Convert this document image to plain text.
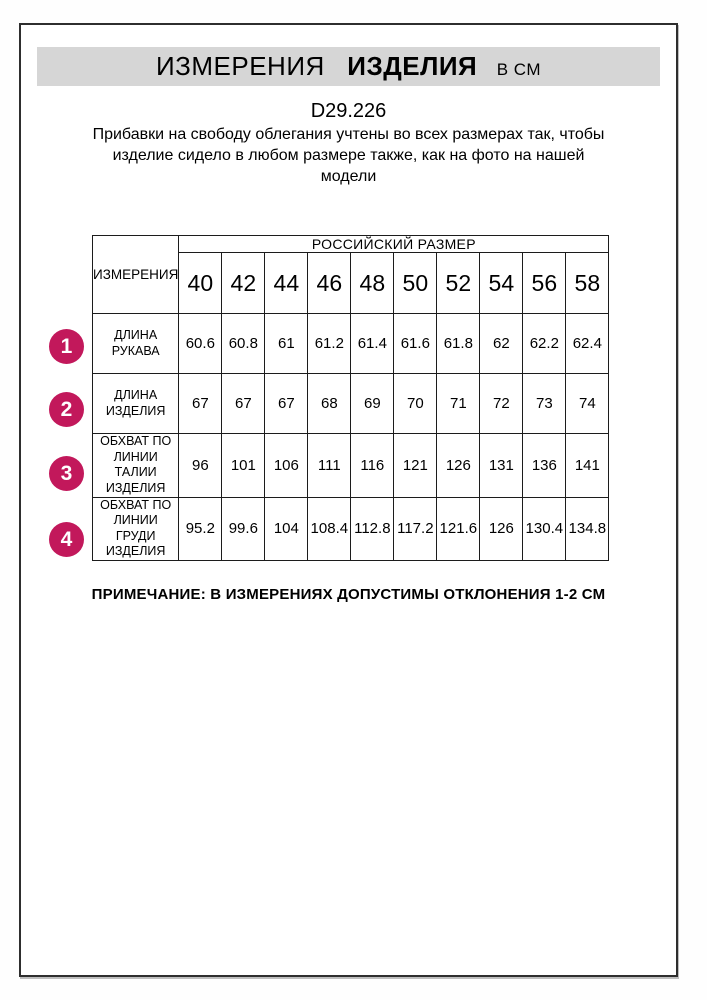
ИЗМЕРЕНИЯ ИЗДЕЛИЯ В СМ
D29.226
Прибавки на свободу облегания учтены во всех размерах так, чтобы
изделие сидело в любом размере также, как на фото на нашей
модели
1
2
3
4
ИЗМЕРЕНИЯ	РОССИЙСКИЙ РАЗМЕР									
	40	42	44	46	48	50	52	54	56	58
ДЛИНА РУКАВА	60.6	60.8	61	61.2	61.4	61.6	61.8	62	62.2	62.4
ДЛИНА ИЗДЕЛИЯ	67	67	67	68	69	70	71	72	73	74
ОБХВАТ ПО ЛИНИИ ТАЛИИ ИЗДЕЛИЯ	96	101	106	111	116	121	126	131	136	141
ОБХВАТ ПО ЛИНИИ ГРУДИ ИЗДЕЛИЯ	95.2	99.6	104	108.4	112.8	117.2	121.6	126	130.4	134.8
ПРИМЕЧАНИЕ: В ИЗМЕРЕНИЯХ ДОПУСТИМЫ ОТКЛОНЕНИЯ 1-2 СМ
